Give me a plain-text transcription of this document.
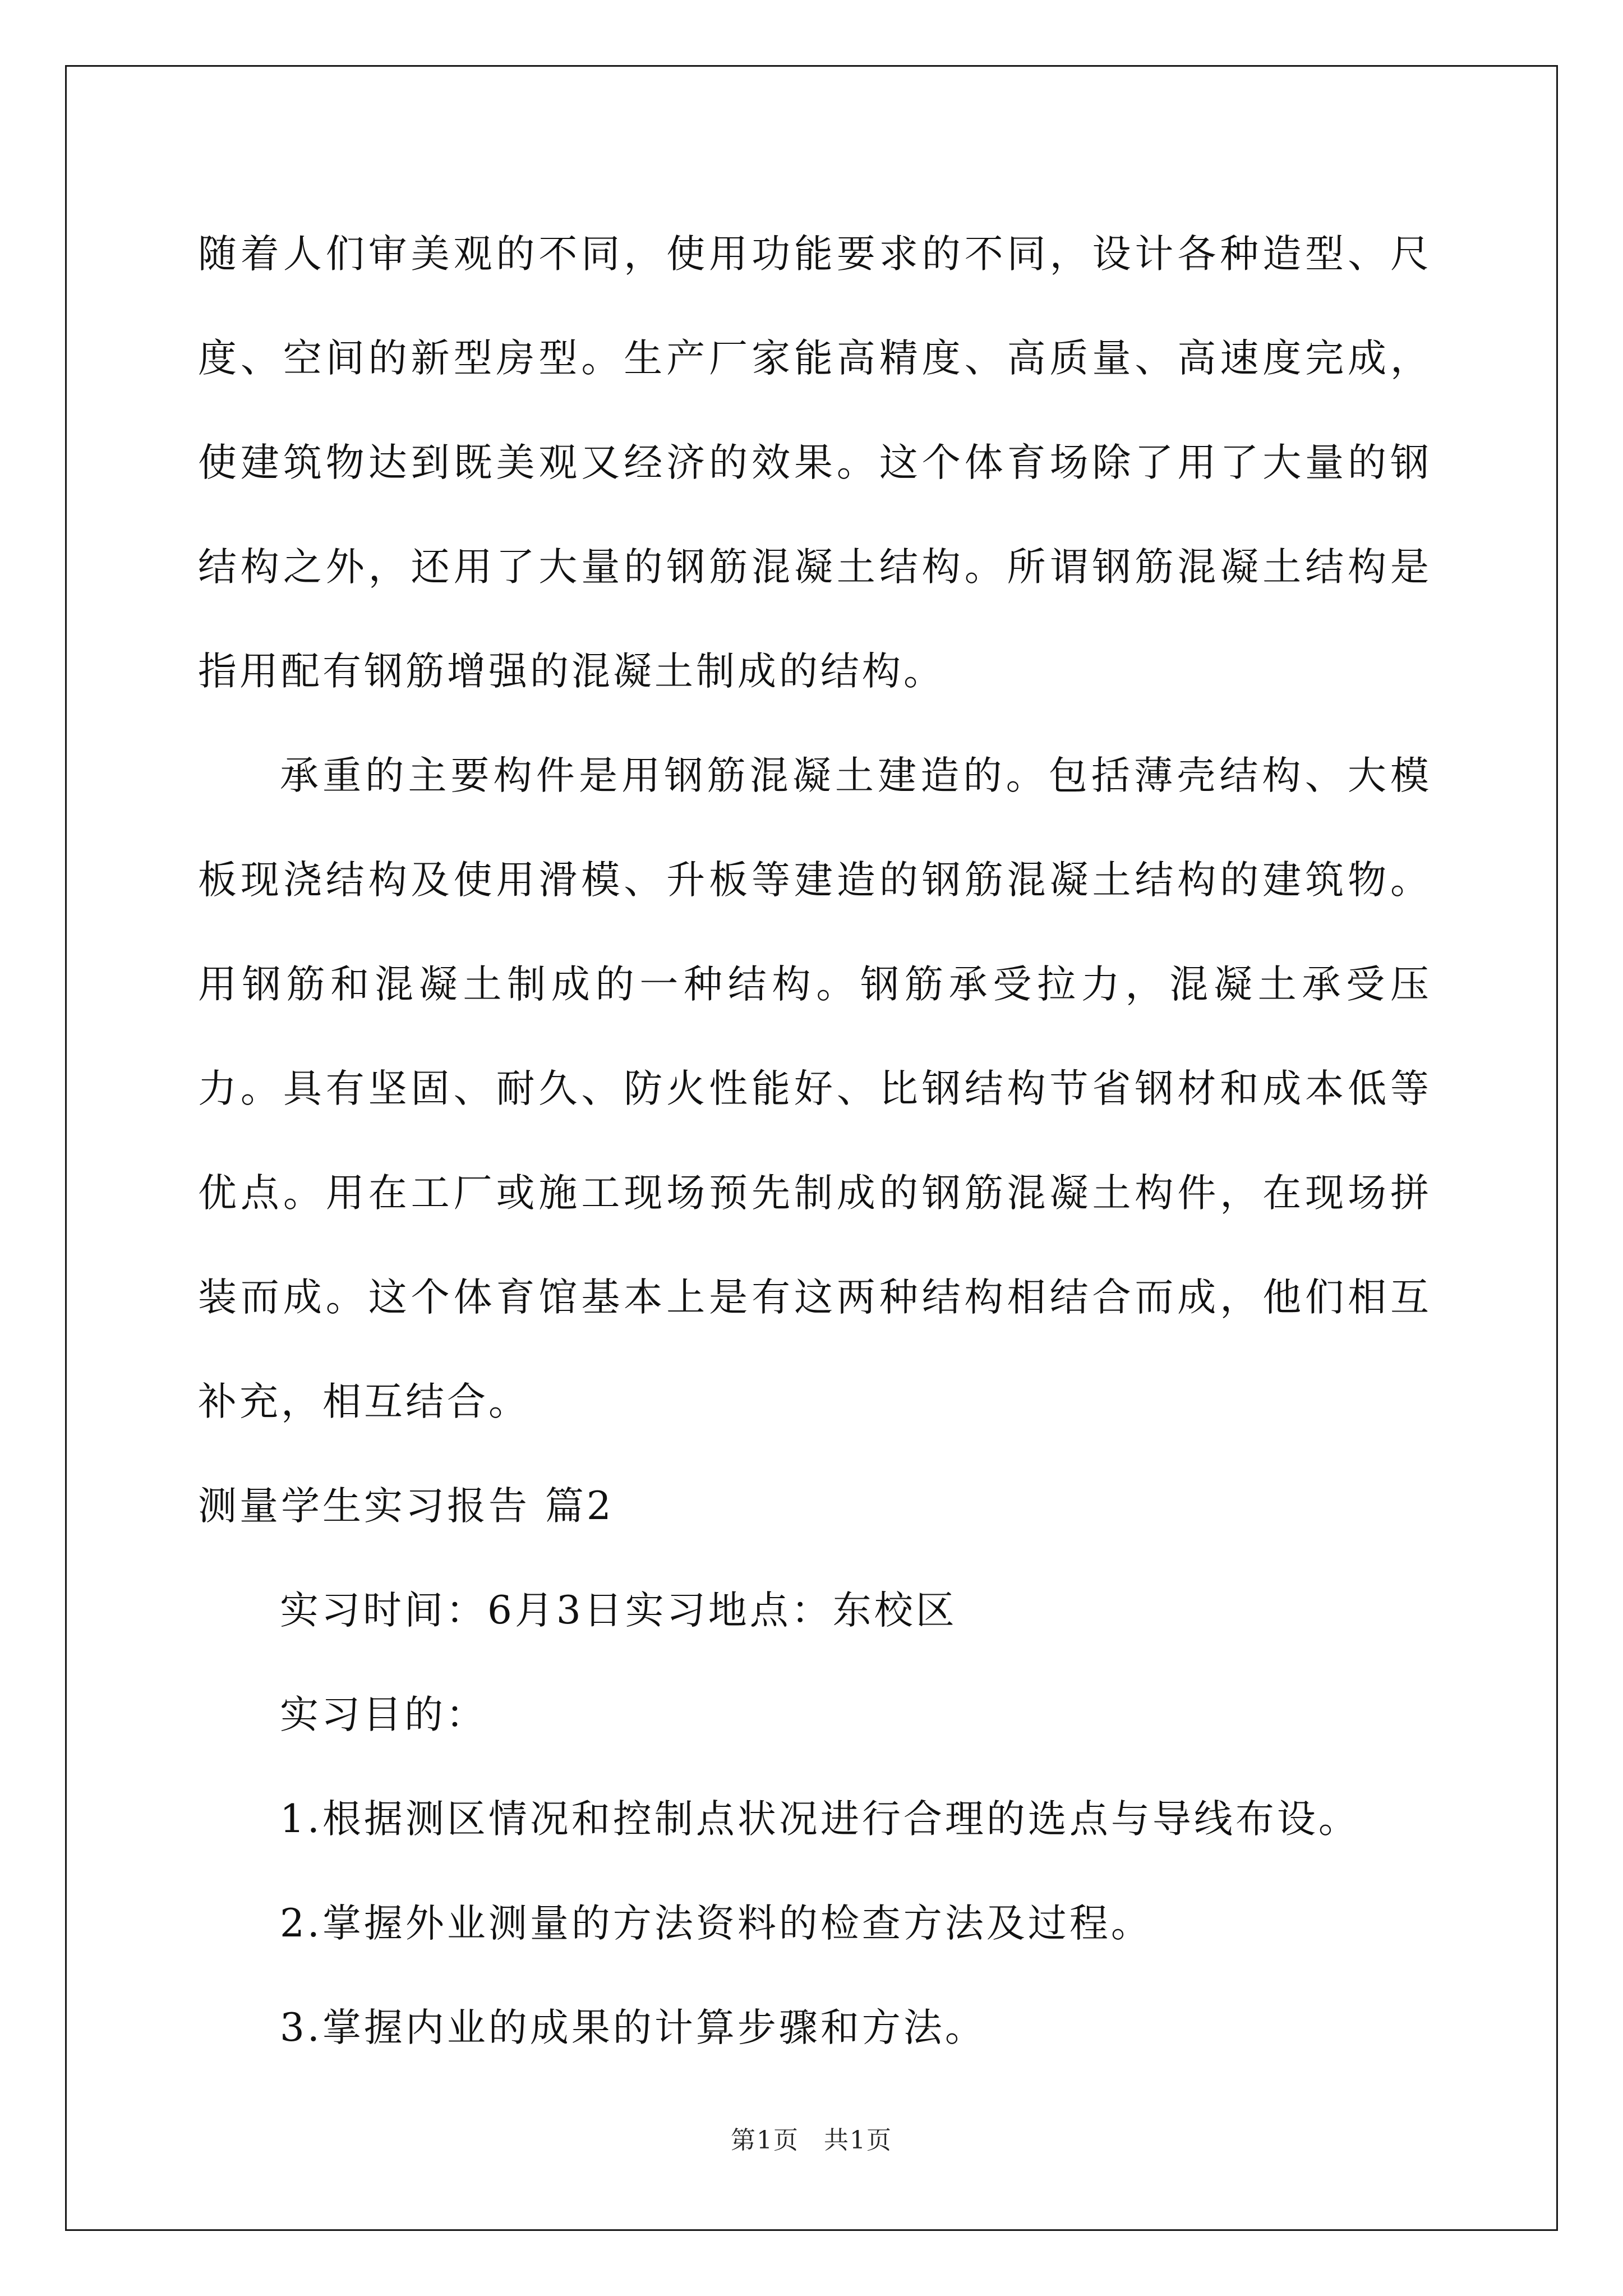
随着人们审美观的不同，使用功能要求的不同，设计各种造型、尺度、空间的新型房型。生产厂家能高精度、高质量、高速度完成，使建筑物达到既美观又经济的效果。这个体育场除了用了大量的钢结构之外，还用了大量的钢筋混凝土结构。所谓钢筋混凝土结构是指用配有钢筋增强的混凝土制成的结构。

承重的主要构件是用钢筋混凝土建造的。包括薄壳结构、大模板现浇结构及使用滑模、升板等建造的钢筋混凝土结构的建筑物。用钢筋和混凝土制成的一种结构。钢筋承受拉力，混凝土承受压力。具有坚固、耐久、防火性能好、比钢结构节省钢材和成本低等优点。用在工厂或施工现场预先制成的钢筋混凝土构件，在现场拼装而成。这个体育馆基本上是有这两种结构相结合而成，他们相互补充，相互结合。

测量学生实习报告 篇2

实习时间：6月3日实习地点：东校区

实习目的：

1.根据测区情况和控制点状况进行合理的选点与导线布设。

2.掌握外业测量的方法资料的检查方法及过程。

3.掌握内业的成果的计算步骤和方法。

第1页 共1页
